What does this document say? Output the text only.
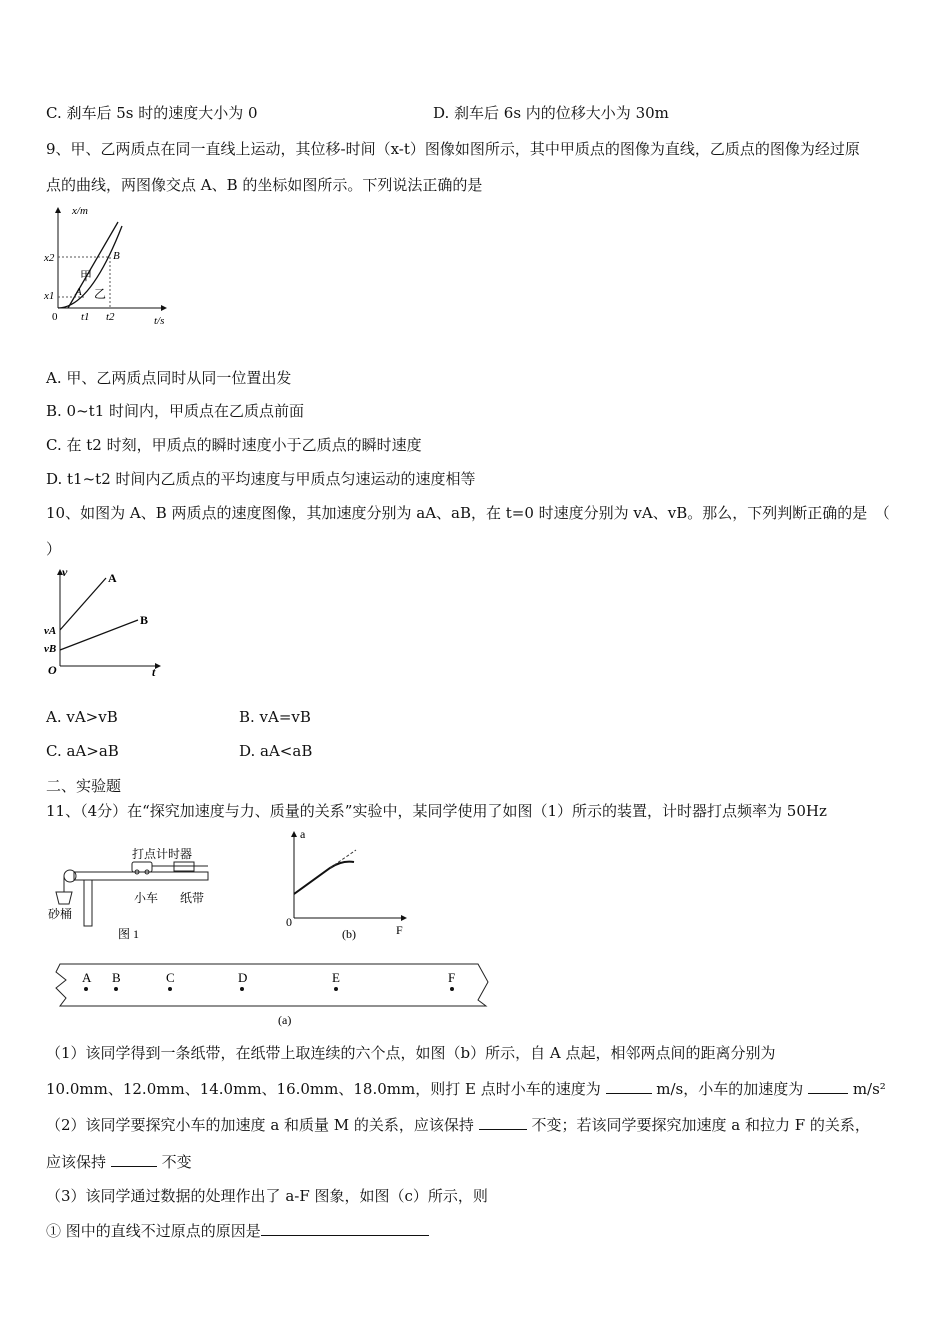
C. 刹车后 5s 时的速度大小为 0	D. 刹车后 6s 内的位移大小为 30m
9、甲、乙两质点在同一直线上运动，其位移-时间（x-t）图像如图所示，其中甲质点的图像为直线，乙质点的图像为经过原
点的曲线，两图像交点 A、B 的坐标如图所示。下列说法正确的是
x/m
t/s
0
x2
x1
t1 t2
A
B
甲
乙
A. 甲、乙两质点同时从同一位置出发
B. 0~t1 时间内，甲质点在乙质点前面
C. 在 t2 时刻，甲质点的瞬时速度小于乙质点的瞬时速度
D. t1~t2 时间内乙质点的平均速度与甲质点匀速运动的速度相等
10、如图为 A、B 两质点的速度图像，其加速度分别为 aA、aB，在 t=0 时速度分别为 vA、vB。那么，下列判断正确的是　（
）
v
t
O
A
B
vA
vB
A. vA>vB	B. vA=vB
C. aA>aB	D. aA<aB
二、实验题
11、（4分）在“探究加速度与力、质量的关系”实验中，某同学使用了如图（1）所示的装置，计时器打点频率为 50Hz
打点计时器
小车 纸带
砂桶
图 1
a
F
0
(b)
A B	C	D	E	F
(a)
（1）该同学得到一条纸带，在纸带上取连续的六个点，如图（b）所示，自 A 点起，相邻两点间的距离分别为
10.0mm、12.0mm、14.0mm、16.0mm、18.0mm，则打 E 点时小车的速度为	m/s，小车的加速度为	m/s²
（2）该同学要探究小车的加速度 a 和质量 M 的关系，应该保持	不变；若该同学要探究加速度 a 和拉力 F 的关系，
应该保持	不变
（3）该同学通过数据的处理作出了 a-F 图象，如图（c）所示，则
① 图中的直线不过原点的原因是
